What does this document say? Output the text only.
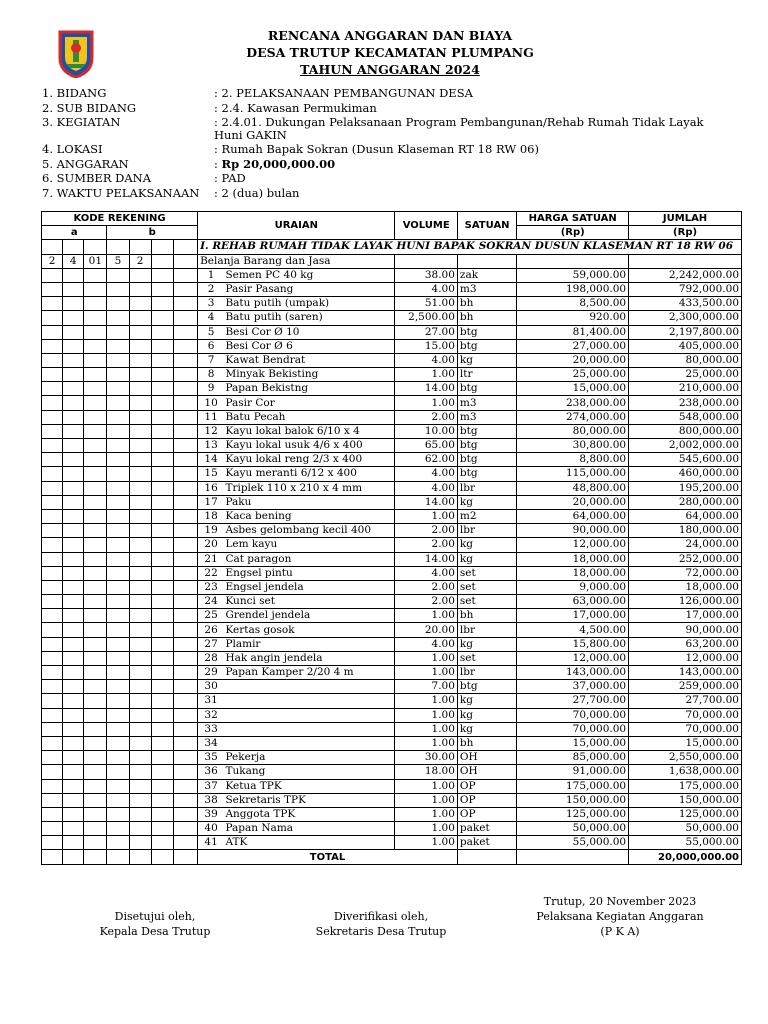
RENCANA ANGGARAN DAN BIAYA
DESA TRUTUP KECAMATAN PLUMPANG
TAHUN ANGGARAN 2024
1. BIDANG	: 2. PELAKSANAAN PEMBANGUNAN DESA
2. SUB BIDANG	: 2.4. Kawasan Permukiman
3. KEGIATAN	: 2.4.01. Dukungan Pelaksanaan Program Pembangunan/Rehab Rumah Tidak Layak Huni GAKIN
4. LOKASI	: Rumah Bapak Sokran (Dusun Klaseman RT 18 RW 06)
5. ANGGARAN	: Rp 20,000,000.00
6. SUMBER DANA	: PAD
7. WAKTU PELAKSANAAN : 2 (dua) bulan
KODE REKENING							URAIAN	VOLUME	SATUAN	HARGA SATUAN	JUMLAH
a			b							(Rp)	(Rp)
							I. REHAB RUMAH TIDAK LAYAK HUNI BAPAK SOKRAN DUSUN KLASEMAN RT 18 RW 06				
2	4	01	5	2			Belanja Barang dan Jasa				
							1 Semen PC 40 kg	38.00	zak	59,000.00	2,242,000.00
							2 Pasir Pasang	4.00	m3	198,000.00	792,000.00
							3 Batu putih (umpak)	51.00	bh	8,500.00	433,500.00
							4 Batu putih (saren)	2,500.00	bh	920.00	2,300,000.00
							5 Besi Cor Ø 10	27.00	btg	81,400.00	2,197,800.00
							6 Besi Cor Ø 6	15.00	btg	27,000.00	405,000.00
							7 Kawat Bendrat	4.00	kg	20,000.00	80,000.00
							8 Minyak Bekisting	1.00	ltr	25,000.00	25,000.00
							9 Papan Bekistng	14.00	btg	15,000.00	210,000.00
							10 Pasir Cor	1.00	m3	238,000.00	238,000.00
							11 Batu Pecah	2.00	m3	274,000.00	548,000.00
							12 Kayu lokal balok 6/10 x 4	10.00	btg	80,000.00	800,000.00
							13 Kayu lokal usuk 4/6 x 400	65.00	btg	30,800.00	2,002,000.00
							14 Kayu lokal reng 2/3 x 400	62.00	btg	8,800.00	545,600.00
							15 Kayu meranti 6/12 x 400	4.00	btg	115,000.00	460,000.00
							16 Triplek 110 x 210 x 4 mm	4.00	lbr	48,800.00	195,200.00
							17 Paku	14.00	kg	20,000.00	280,000.00
							18 Kaca bening	1.00	m2	64,000.00	64,000.00
							19 Asbes gelombang kecil 400	2.00	lbr	90,000.00	180,000.00
							20 Lem kayu	2.00	kg	12,000.00	24,000.00
							21 Cat paragon	14.00	kg	18,000.00	252,000.00
							22 Engsel pintu	4.00	set	18,000.00	72,000.00
							23 Engsel jendela	2.00	set	9,000.00	18,000.00
							24 Kunci set	2.00	set	63,000.00	126,000.00
							25 Grendel jendela	1.00	bh	17,000.00	17,000.00
							26 Kertas gosok	20.00	lbr	4,500.00	90,000.00
							27 Plamir	4.00	kg	15,800.00	63,200.00
							28 Hak angin jendela	1.00	set	12,000.00	12,000.00
							29 Papan Kamper 2/20 4 m	1.00	lbr	143,000.00	143,000.00
							30	7.00	btg	37,000.00	259,000.00
							31	1.00	kg	27,700.00	27,700.00
							32	1.00	kg	70,000.00	70,000.00
							33	1.00	kg	70,000.00	70,000.00
							34	1.00	bh	15,000.00	15,000.00
							35 Pekerja	30.00	OH	85,000.00	2,550,000.00
							36 Tukang	18.00	OH	91,000.00	1,638,000.00
							37 Ketua TPK	1.00	OP	175,000.00	175,000.00
							38 Sekretaris TPK	1.00	OP	150,000.00	150,000.00
							39 Anggota TPK	1.00	OP	125,000.00	125,000.00
							40 Papan Nama	1.00	paket	50,000.00	50,000.00
							41 ATK	1.00	paket	55,000.00	55,000.00
							TOTAL				20,000,000.00
Trutup, 20 November 2023
Disetujui oleh,
Kepala Desa Trutup
Diverifikasi oleh,
Sekretaris Desa Trutup
Pelaksana Kegiatan Anggaran
(P K A)
